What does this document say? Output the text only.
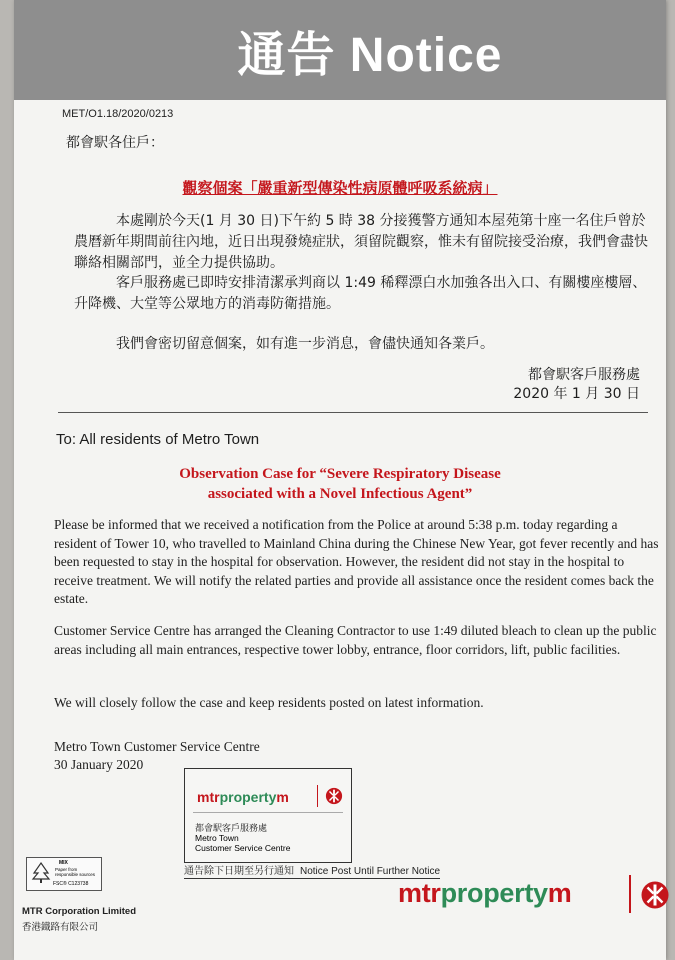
通告 Notice
MET/O1.18/2020/0213
都會駅各住戶：
觀察個案「嚴重新型傳染性病原體呼吸系統病」

本處剛於今天(1 月 30 日)下午約 5 時 38 分接獲警方通知本屋苑第十座一名住戶曾於農曆新年期間前往內地，近日出現發燒症狀，須留院觀察，惟未有留院接受治療，我們會盡快聯絡相關部門，並全力提供協助。

客戶服務處已即時安排清潔承判商以 1:49 稀釋漂白水加強各出入口、有關樓座樓層、升降機、大堂等公眾地方的消毒防衛措施。

我們會密切留意個案，如有進一步消息，會儘快通知各業戶。

都會駅客戶服務處
2020 年 1 月 30 日
To: All residents of Metro Town
Observation Case for “Severe Respiratory Disease
associated with a Novel Infectious Agent”

Please be informed that we received a notification from the Police at around 5:38 p.m. today regarding a resident of Tower 10, who travelled to Mainland China during the Chinese New Year, got fever recently and has been requested to stay in the hospital for observation. However, the resident did not stay in the hospital to receive treatment. We will notify the related parties and provide all assistance once the resident comes back the estate.

Customer Service Centre has arranged the Cleaning Contractor to use 1:49 diluted bleach to clean up the public areas including all main entrances, respective tower lobby, entrance, floor corridors, lift, public facilities.

We will closely follow the case and keep residents posted on latest information.

Metro Town Customer Service Centre
30 January 2020
mtrpropertym
都會駅客戶服務處
Metro Town
Customer Service Centre
通告除下日期至另行通知 Notice Post Until Further Notice
MIX
Paper from responsible sources
FSC® C123738
MTR Corporation Limited
香港鐵路有限公司
mtrpropertym
